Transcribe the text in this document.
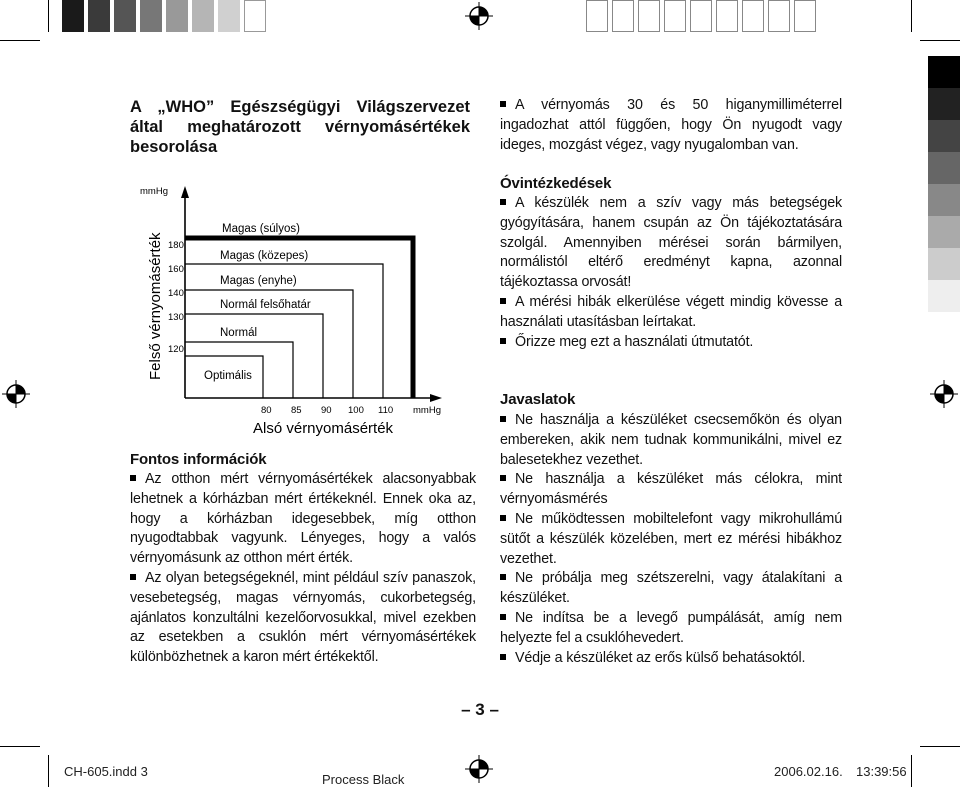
A „WHO” Egészségügyi Világszervezet
által meghatározott vérnyomásértékek
besorolása
mmHg
Felső vérnyomásérték 180
160
140
130
120
80 85 90 100 110 mmHg
Alsó vérnyomásérték
Magas (súlyos)
Magas (közepes)
Magas (enyhe)
Normál felsőhatár
Normál
Optimális
Fontos információk

Az otthon mért vérnyomásértékek alacsonyabbak lehetnek a kórházban mért értékeknél. Ennek oka az, hogy a kórházban idegesebbek, míg otthon nyugodtabbak vagyunk. Lényeges, hogy a valós vérnyomásunk az otthon mért érték.

Az olyan betegségeknél, mint például szív panaszok, vesebetegség, magas vérnyomás, cukorbetegség, ajánlatos konzultálni kezelőorvosukkal, mivel ezekben az esetekben a csuklón mért vérnyomásértékek különbözhetnek a karon mért értékektől.

A vérnyomás 30 és 50 higanymilliméterrel ingadozhat attól függően, hogy Ön nyugodt vagy ideges, mozgást végez, vagy nyugalomban van.

Óvintézkedések

A készülék nem a szív vagy más betegségek gyógyítására, hanem csupán az Ön tájékoztatására szolgál. Amennyiben mérései során bármilyen, normálistól eltérő eredményt kapna, azonnal tájékoztassa orvosát!

A mérési hibák elkerülése végett mindig kövesse a használati utasításban leírtakat.

Őrizze meg ezt a használati útmutatót.

Javaslatok

Ne használja a készüléket csecsemőkön és olyan embereken, akik nem tudnak kommunikálni, mivel ez balesetekhez vezethet.

Ne használja a készüléket más célokra, mint vérnyomásmérés

Ne működtessen mobiltelefont vagy mikrohullámú sütőt a készülék közelében, mert ez mérési hibákhoz vezethet.

Ne próbálja meg szétszerelni, vagy átalakítani a készüléket.

Ne indítsa be a levegő pumpálását, amíg nem helyezte fel a csuklóhevedert.

Védje a készüléket az erős külső behatásoktól.

– 3 –
CH-605.indd 3
Process Black
2006.02.16. 13:39:56
